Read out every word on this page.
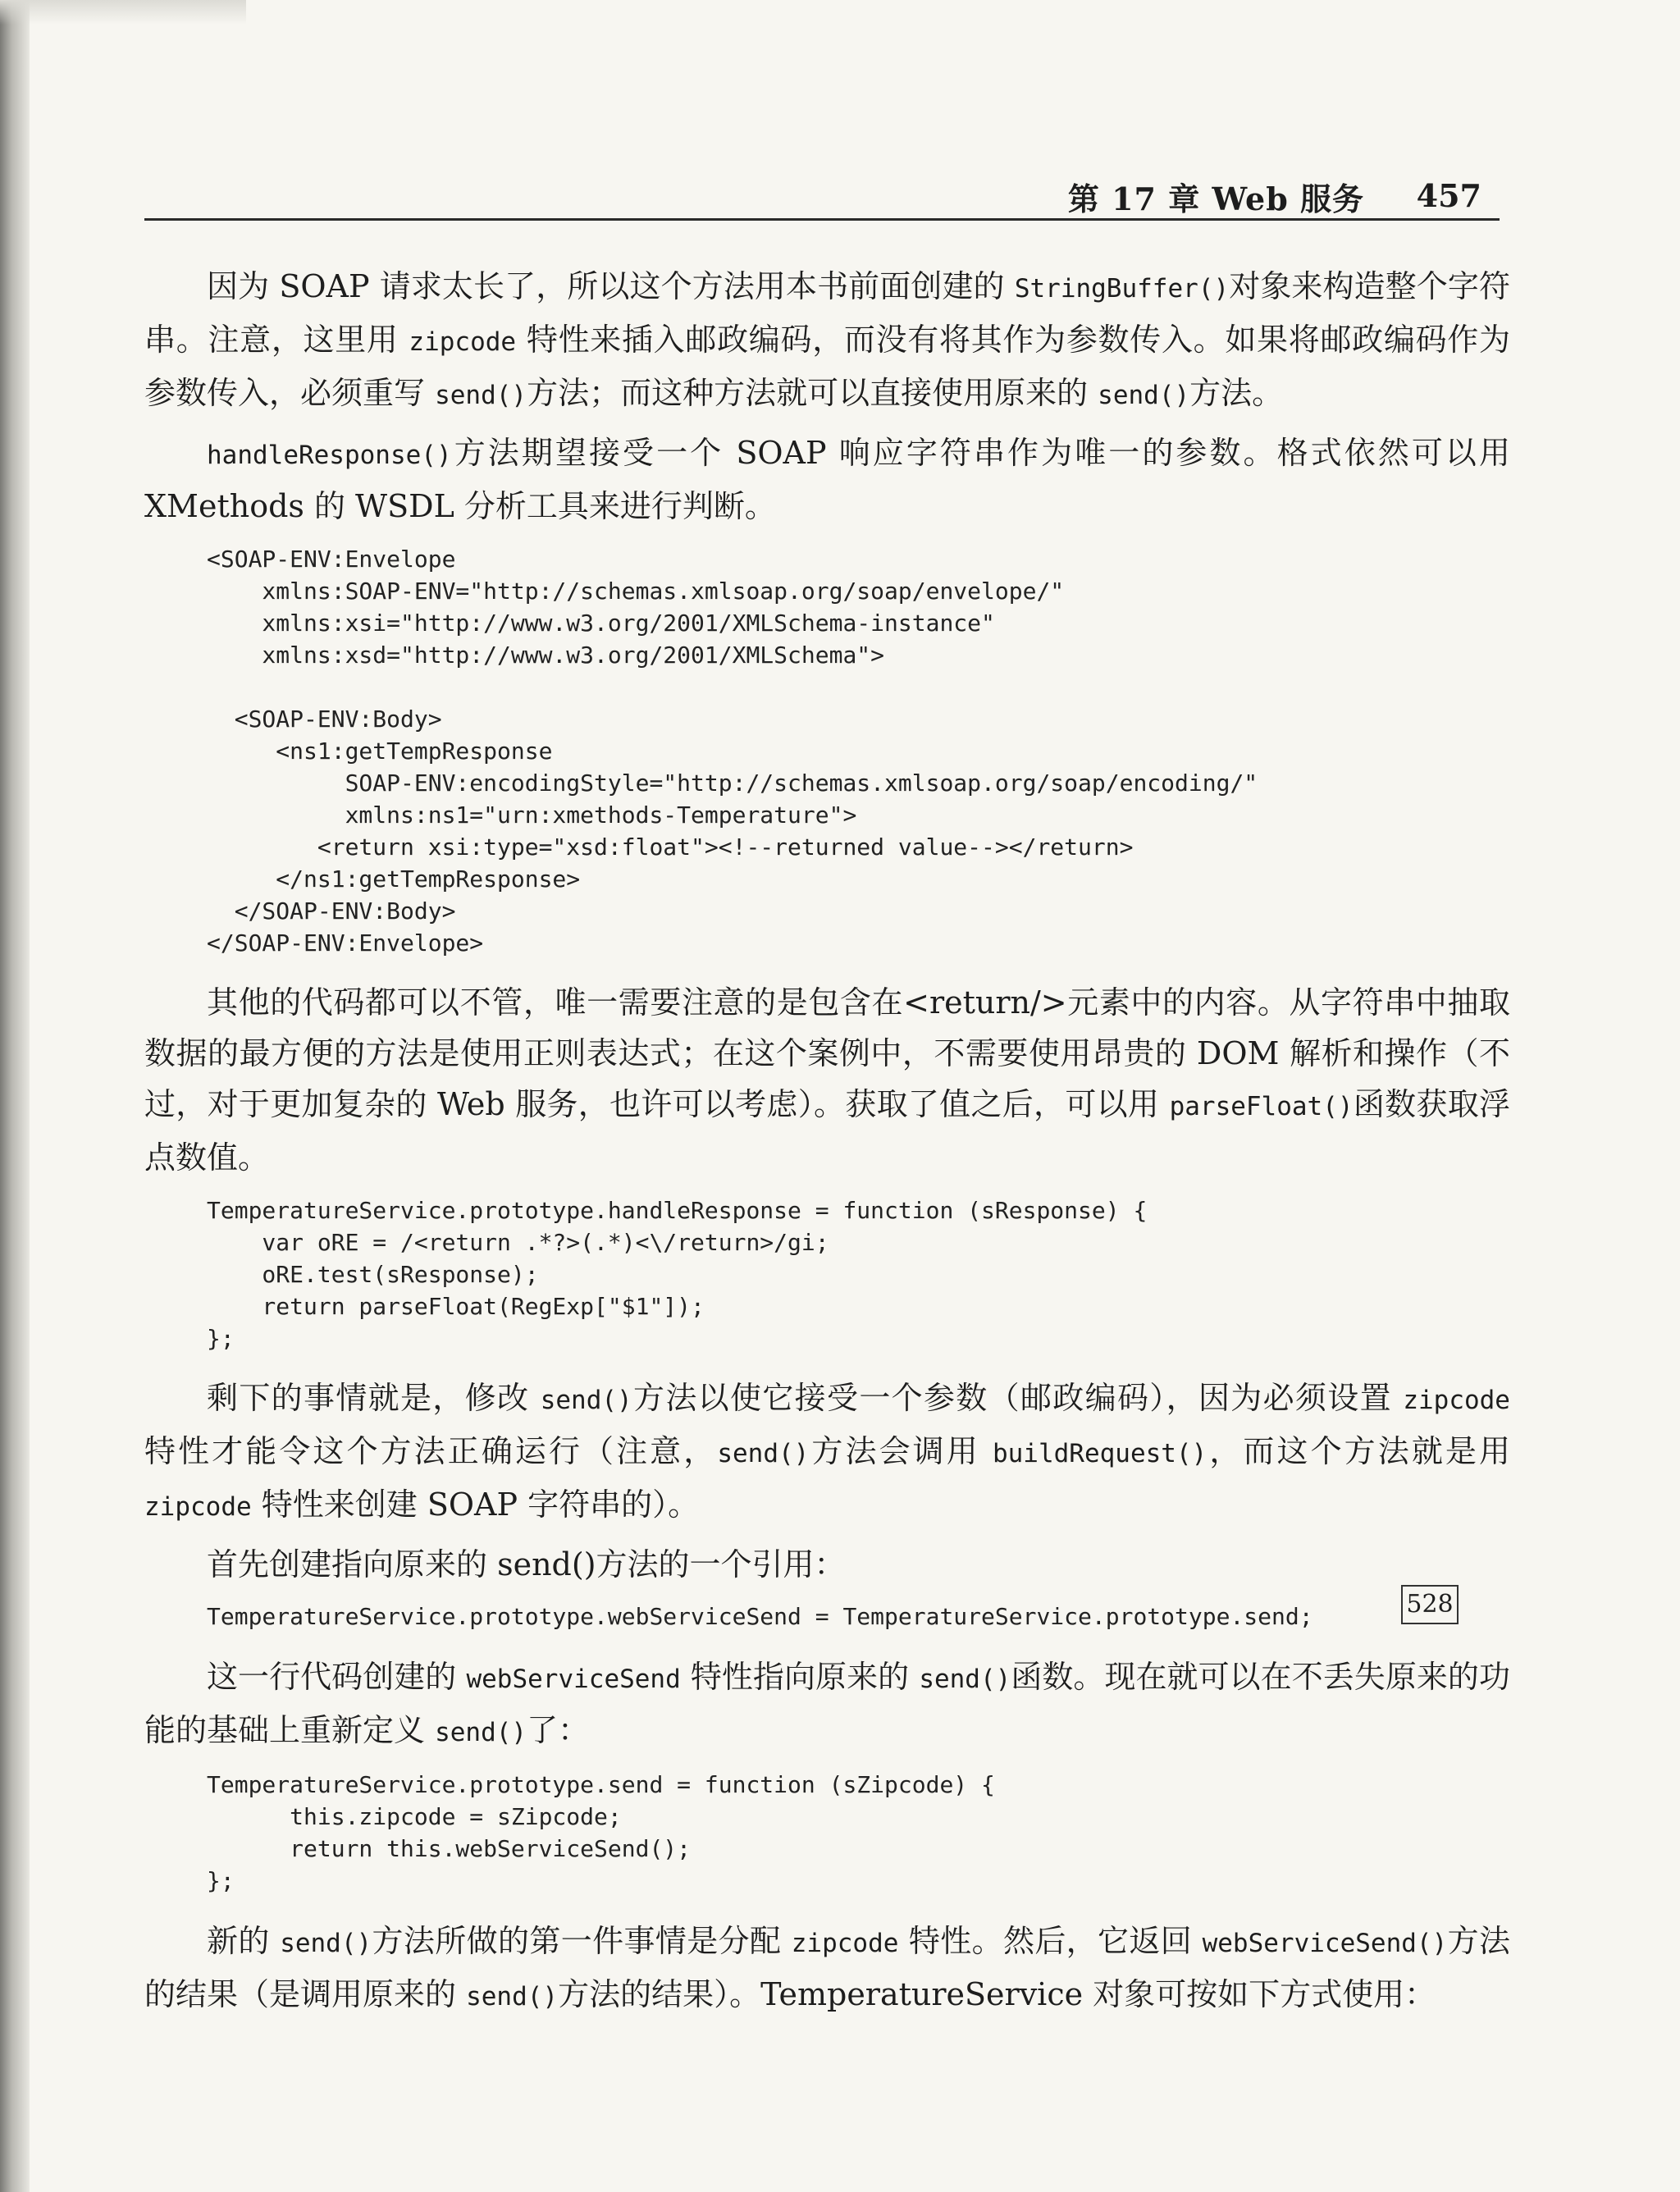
第 17 章 Web 服务 457

因为 SOAP 请求太长了，所以这个方法用本书前面创建的 StringBuffer()对象来构造整个字符串。注意，这里用 zipcode 特性来插入邮政编码，而没有将其作为参数传入。如果将邮政编码作为参数传入，必须重写 send()方法；而这种方法就可以直接使用原来的 send()方法。

handleResponse()方法期望接受一个 SOAP 响应字符串作为唯一的参数。格式依然可以用 XMethods 的 WSDL 分析工具来进行判断。

<SOAP-ENV:Envelope
xmlns:SOAP-ENV="http://schemas.xmlsoap.org/soap/envelope/"
xmlns:xsi="http://www.w3.org/2001/XMLSchema-instance"
xmlns:xsd="http://www.w3.org/2001/XMLSchema">
<SOAP-ENV:Body>
<ns1:getTempResponse
SOAP-ENV:encodingStyle="http://schemas.xmlsoap.org/soap/encoding/"
xmlns:ns1="urn:xmethods-Temperature">
<return xsi:type="xsd:float"><!--returned value--></return>
</ns1:getTempResponse>
</SOAP-ENV:Body>
</SOAP-ENV:Envelope>

其他的代码都可以不管，唯一需要注意的是包含在<return/>元素中的内容。从字符串中抽取数据的最方便的方法是使用正则表达式；在这个案例中，不需要使用昂贵的 DOM 解析和操作（不过，对于更加复杂的 Web 服务，也许可以考虑）。获取了值之后，可以用 parseFloat()函数获取浮点数值。

TemperatureService.prototype.handleResponse = function (sResponse) {
var oRE = /<return .*?>(.*)<\/return>/gi;
oRE.test(sResponse);
return parseFloat(RegExp["$1"]);
};

剩下的事情就是，修改 send()方法以使它接受一个参数（邮政编码），因为必须设置 zipcode 特性才能令这个方法正确运行（注意，send()方法会调用 buildRequest()，而这个方法就是用 zipcode 特性来创建 SOAP 字符串的）。

首先创建指向原来的 send()方法的一个引用：

TemperatureService.prototype.webServiceSend = TemperatureService.prototype.send;

这一行代码创建的 webServiceSend 特性指向原来的 send()函数。现在就可以在不丢失原来的功能的基础上重新定义 send()了：

TemperatureService.prototype.send = function (sZipcode) {
this.zipcode = sZipcode;
return this.webServiceSend();
};

新的 send()方法所做的第一件事情是分配 zipcode 特性。然后，它返回 webServiceSend()方法的结果（是调用原来的 send()方法的结果）。TemperatureService 对象可按如下方式使用：

528
